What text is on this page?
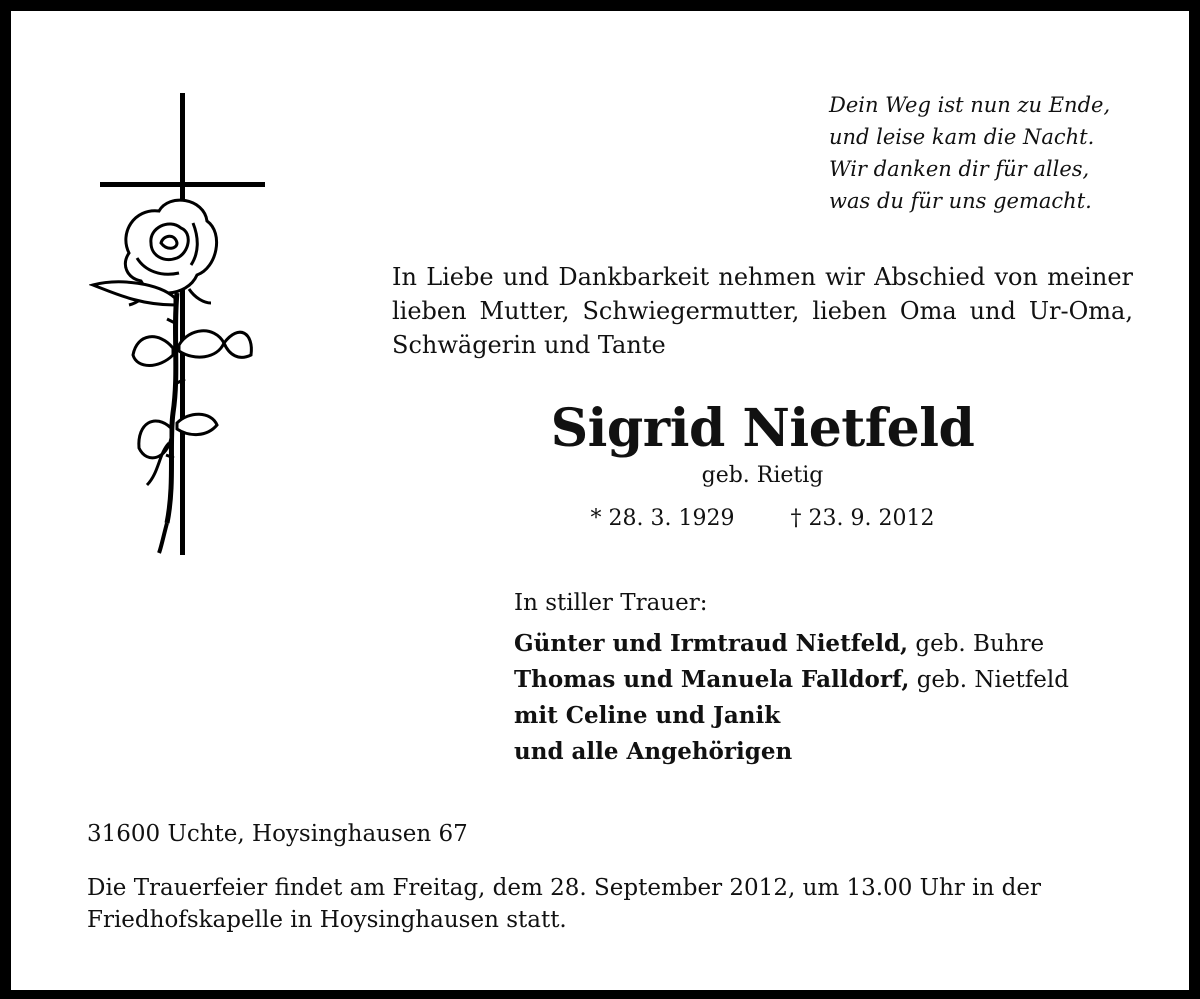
Dein Weg ist nun zu Ende,
und leise kam die Nacht.
Wir danken dir für alles,
was du für uns gemacht.
In Liebe und Dankbarkeit nehmen wir Abschied von meiner lieben Mutter, Schwiegermutter, lieben Oma und Ur-Oma, Schwägerin und Tante
Sigrid Nietfeld
geb. Rietig
* 28. 3. 1929	† 23. 9. 2012
In stiller Trauer:
Günter und Irmtraud Nietfeld, geb. Buhre
Thomas und Manuela Falldorf, geb. Nietfeld
mit Celine und Janik
und alle Angehörigen
31600 Uchte, Hoysinghausen 67
Die Trauerfeier findet am Freitag, dem 28. September 2012, um 13.00 Uhr in der Friedhofskapelle in Hoysinghausen statt.
